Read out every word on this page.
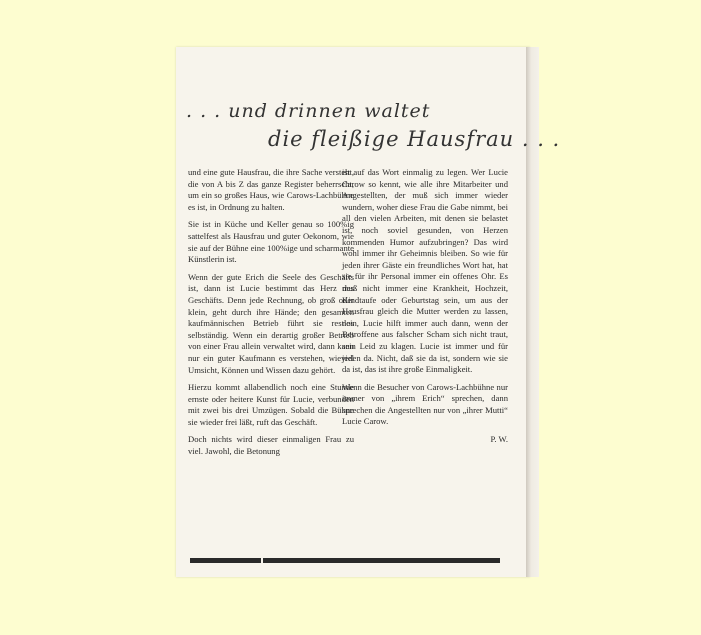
. . . und drinnen waltet
die fleißige Hausfrau . . .

und eine gute Hausfrau, die ihre Sache versteht, die von A bis Z das ganze Register beherrscht, um ein so großes Haus, wie Carows-Lachbühne es ist, in Ordnung zu halten.

Sie ist in Küche und Keller genau so 100%ig sattelfest als Hausfrau und guter Oekonom, wie sie auf der Bühne eine 100%ige und scharmante Künstlerin ist.

Wenn der gute Erich die Seele des Geschäfts ist, dann ist Lucie bestimmt das Herz des Geschäfts. Denn jede Rechnung, ob groß oder klein, geht durch ihre Hände; den gesamten kaufmännischen Betrieb führt sie restlos selbständig. Wenn ein derartig großer Betrieb von einer Frau allein verwaltet wird, dann kann nur ein guter Kaufmann es verstehen, wieviel Umsicht, Können und Wissen dazu gehört.

Hierzu kommt allabendlich noch eine Stunde ernste oder heitere Kunst für Lucie, verbunden mit zwei bis drei Umzügen. Sobald die Bühne sie wieder frei läßt, ruft das Geschäft.

Doch nichts wird dieser einmaligen Frau zu viel. Jawohl, die Betonung

ist auf das Wort einmalig zu legen. Wer Lucie Carow so kennt, wie alle ihre Mitarbeiter und Angestellten, der muß sich immer wieder wundern, woher diese Frau die Gabe nimmt, bei all den vielen Arbeiten, mit denen sie belastet ist, noch soviel gesunden, von Herzen kommenden Humor aufzubringen? Das wird wohl immer ihr Geheimnis bleiben. So wie für jeden ihrer Gäste ein freundliches Wort hat, hat sie für ihr Personal immer ein offenes Ohr. Es muß nicht immer eine Krankheit, Hochzeit, Kindtaufe oder Geburtstag sein, um aus der Hausfrau gleich die Mutter werden zu lassen, nein, Lucie hilft immer auch dann, wenn der Betroffene aus falscher Scham sich nicht traut, sein Leid zu klagen. Lucie ist immer und für jeden da. Nicht, daß sie da ist, sondern wie sie da ist, das ist ihre große Einmaligkeit.

Wenn die Besucher von Carows-Lachbühne nur immer von „ihrem Erich“ sprechen, dann sprechen die Angestellten nur von „ihrer Mutti“ Lucie Carow.

P. W.
